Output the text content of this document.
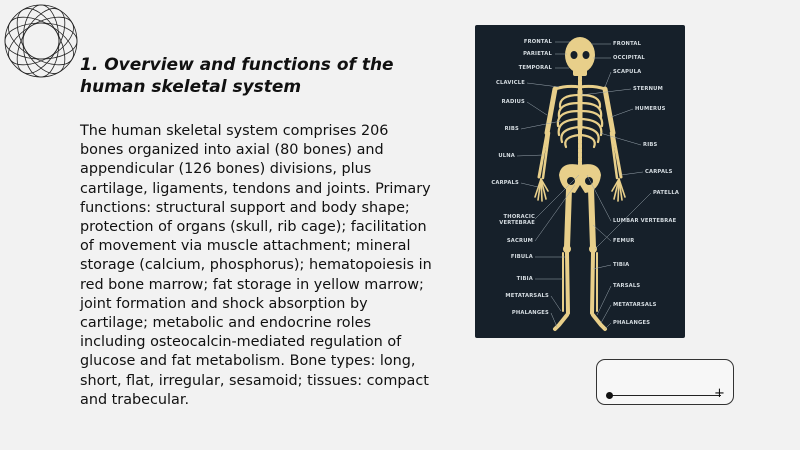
1. Overview and functions of the
human skeletal system

The human skeletal system comprises 206 bones organized into axial (80 bones) and appendicular (126 bones) divisions, plus cartilage, ligaments, tendons and joints. Primary functions: structural support and body shape; protection of organs (skull, rib cage); facilitation of movement via muscle attachment; mineral storage (calcium, phosphorus); hematopoiesis in red bone marrow; fat storage in yellow marrow; joint formation and shock absorption by cartilage; metabolic and endocrine roles including osteocalcin-mediated regulation of glucose and fat metabolism. Bone types: long, short, flat, irregular, sesamoid; tissues: compact and trabecular.

FRONTAL
PARIETAL
TEMPORAL
CLAVICLE
RADIUS
RIBS
ULNA
CARPALS
THORACIC VERTEBRAE
SACRUM
FIBULA
TIBIA
METATARSALS
PHALANGES
FRONTAL
OCCIPITAL
SCAPULA
STERNUM
HUMERUS
RIBS
CARPALS
PATELLA
LUMBAR VERTEBRAE
FEMUR
TIBIA
TARSALS
METATARSALS
PHALANGES
+
